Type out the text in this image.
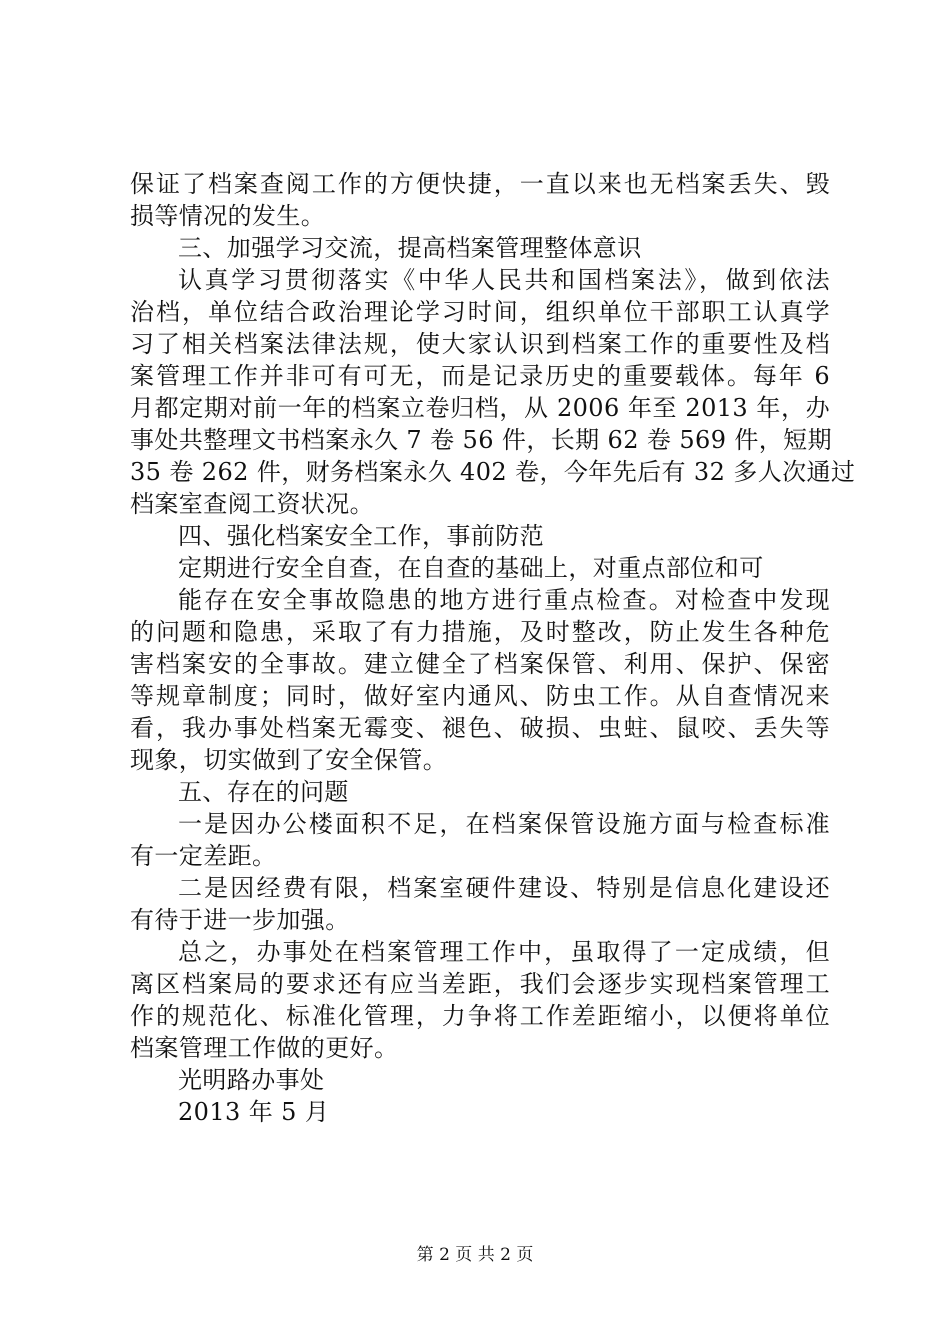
保证了档案查阅工作的方便快捷，一直以来也无档案丢失、毁
损等情况的发生。
三、加强学习交流，提高档案管理整体意识
认真学习贯彻落实《中华人民共和国档案法》，做到依法
治档，单位结合政治理论学习时间，组织单位干部职工认真学
习了相关档案法律法规，使大家认识到档案工作的重要性及档
案管理工作并非可有可无，而是记录历史的重要载体。每年 6
月都定期对前一年的档案立卷归档，从 2006 年至 2013 年，办
事处共整理文书档案永久 7 卷 56 件，长期 62 卷 569 件，短期
35 卷 262 件，财务档案永久 402 卷，今年先后有 32 多人次通过
档案室查阅工资状况。
四、强化档案安全工作，事前防范
定期进行安全自查，在自查的基础上，对重点部位和可
能存在安全事故隐患的地方进行重点检查。对检查中发现
的问题和隐患，采取了有力措施，及时整改，防止发生各种危
害档案安的全事故。建立健全了档案保管、利用、保护、保密
等规章制度；同时，做好室内通风、防虫工作。从自查情况来
看，我办事处档案无霉变、褪色、破损、虫蛀、鼠咬、丢失等
现象，切实做到了安全保管。
五、存在的问题
一是因办公楼面积不足，在档案保管设施方面与检查标准
有一定差距。
二是因经费有限，档案室硬件建设、特别是信息化建设还
有待于进一步加强。
总之，办事处在档案管理工作中，虽取得了一定成绩，但
离区档案局的要求还有应当差距，我们会逐步实现档案管理工
作的规范化、标准化管理，力争将工作差距缩小，以便将单位
档案管理工作做的更好。
光明路办事处
2013 年 5 月
第 2 页 共 2 页
